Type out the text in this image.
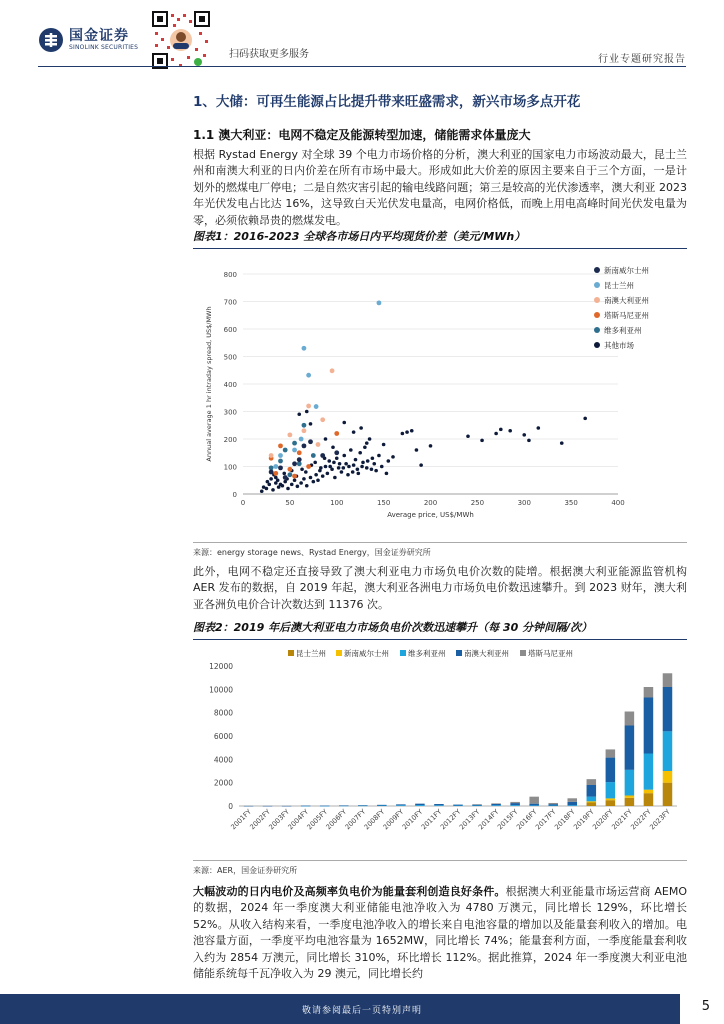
国金证券
SINOLINK SECURITIES
扫码获取更多服务	行业专题研究报告
1、大储：可再生能源占比提升带来旺盛需求，新兴市场多点开花
1.1 澳大利亚：电网不稳定及能源转型加速，储能需求体量庞大
根据 Rystad Energy 对全球 39 个电力市场价格的分析，澳大利亚的国家电力市场波动最大，昆士兰州和南澳大利亚的日内价差在所有市场中最大。形成如此大价差的原因主要来自于三个方面，一是计划外的燃煤电厂停电；二是自然灾害引起的输电线路问题；第三是较高的光伏渗透率，澳大利亚 2023 年光伏发电占比达 16%，这导致白天光伏发电量高，电网价格低，而晚上用电高峰时间光伏发电量为零，必须依赖昂贵的燃煤发电。
图表1：2016-2023 全球各市场日内平均现货价差（美元/MWh）
0
100
200
300
400
500
600
700
800
0	50	100	150	200	250	300	350	400
Average price, US$/MWh
Annual average 1 hr intraday spread, US$/MWh
新南威尔士州
昆士兰州
南澳大利亚州
塔斯马尼亚州
维多利亚州
其他市场
来源：energy storage news、Rystad Energy，国金证券研究所
此外，电网不稳定还直接导致了澳大利亚电力市场负电价次数的陡增。根据澳大利亚能源监管机构 AER 发布的数据，自 2019 年起，澳大利亚各洲电力市场负电价数迅速攀升。到 2023 财年，澳大利亚各洲负电价合计次数达到 11376 次。
图表2：2019 年后澳大利亚电力市场负电价次数迅速攀升（每 30 分钟间隔/次）
0
2000
4000
6000
8000
10000
12000
2001FY
2002FY
2003FY
2004FY
2005FY
2006FY
2007FY
2008FY
2009FY
2010FY
2011FY
2012FY
2013FY
2014FY
2015FY
2016FY
2017FY
2018FY
2019FY
2020FY
2021FY
2022FY
2023FY
昆士兰州 新南威尔士州	维多利亚州 南澳大利亚州	塔斯马尼亚州
来源：AER，国金证券研究所
大幅波动的日内电价及高频率负电价为能量套利创造良好条件。根据澳大利亚能量市场运营商 AEMO 的数据，2024 年一季度澳大利亚储能电池净收入为 4780 万澳元，同比增长 129%，环比增长 52%。从收入结构来看，一季度电池净收入的增长来自电池容量的增加以及能量套利收入的增加。电池容量方面，一季度平均电池容量为 1652MW，同比增长 74%；能量套利方面，一季度能量套利收入约为 2854 万澳元，同比增长 310%，环比增长 112%。据此推算，2024 年一季度澳大利亚电池储能系统每千瓦净收入为 29 澳元，同比增长约
敬请参阅最后一页特别声明	5
